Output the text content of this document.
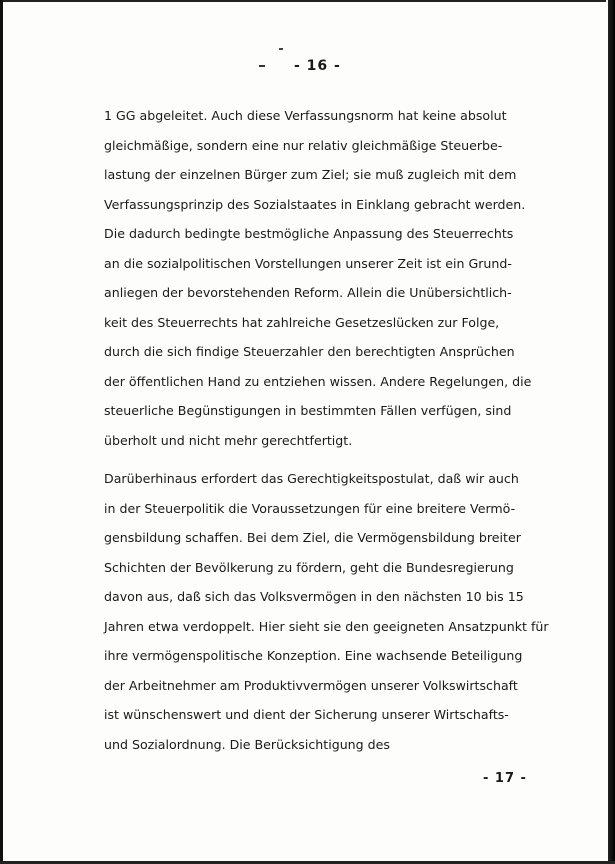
- 16 -
1 GG abgeleitet. Auch diese Verfassungsnorm hat keine absolut
gleichmäßige, sondern eine nur relativ gleichmäßige Steuerbe-
lastung der einzelnen Bürger zum Ziel; sie muß zugleich mit dem
Verfassungsprinzip des Sozialstaates in Einklang gebracht werden.
Die dadurch bedingte bestmögliche Anpassung des Steuerrechts
an die sozialpolitischen Vorstellungen unserer Zeit ist ein Grund-
anliegen der bevorstehenden Reform. Allein die Unübersichtlich-
keit des Steuerrechts hat zahlreiche Gesetzeslücken zur Folge,
durch die sich findige Steuerzahler den berechtigten Ansprüchen
der öffentlichen Hand zu entziehen wissen. Andere Regelungen, die
steuerliche Begünstigungen in bestimmten Fällen verfügen, sind
überholt und nicht mehr gerechtfertigt.
Darüberhinaus erfordert das Gerechtigkeitspostulat, daß wir auch
in der Steuerpolitik die Voraussetzungen für eine breitere Vermö-
gensbildung schaffen. Bei dem Ziel, die Vermögensbildung breiter
Schichten der Bevölkerung zu fördern, geht die Bundesregierung
davon aus, daß sich das Volksvermögen in den nächsten 10 bis 15
Jahren etwa verdoppelt. Hier sieht sie den geeigneten Ansatzpunkt für
ihre vermögenspolitische Konzeption. Eine wachsende Beteiligung
der Arbeitnehmer am Produktivvermögen unserer Volkswirtschaft
ist wünschenswert und dient der Sicherung unserer Wirtschafts-
und Sozialordnung. Die Berücksichtigung des
- 17 -
